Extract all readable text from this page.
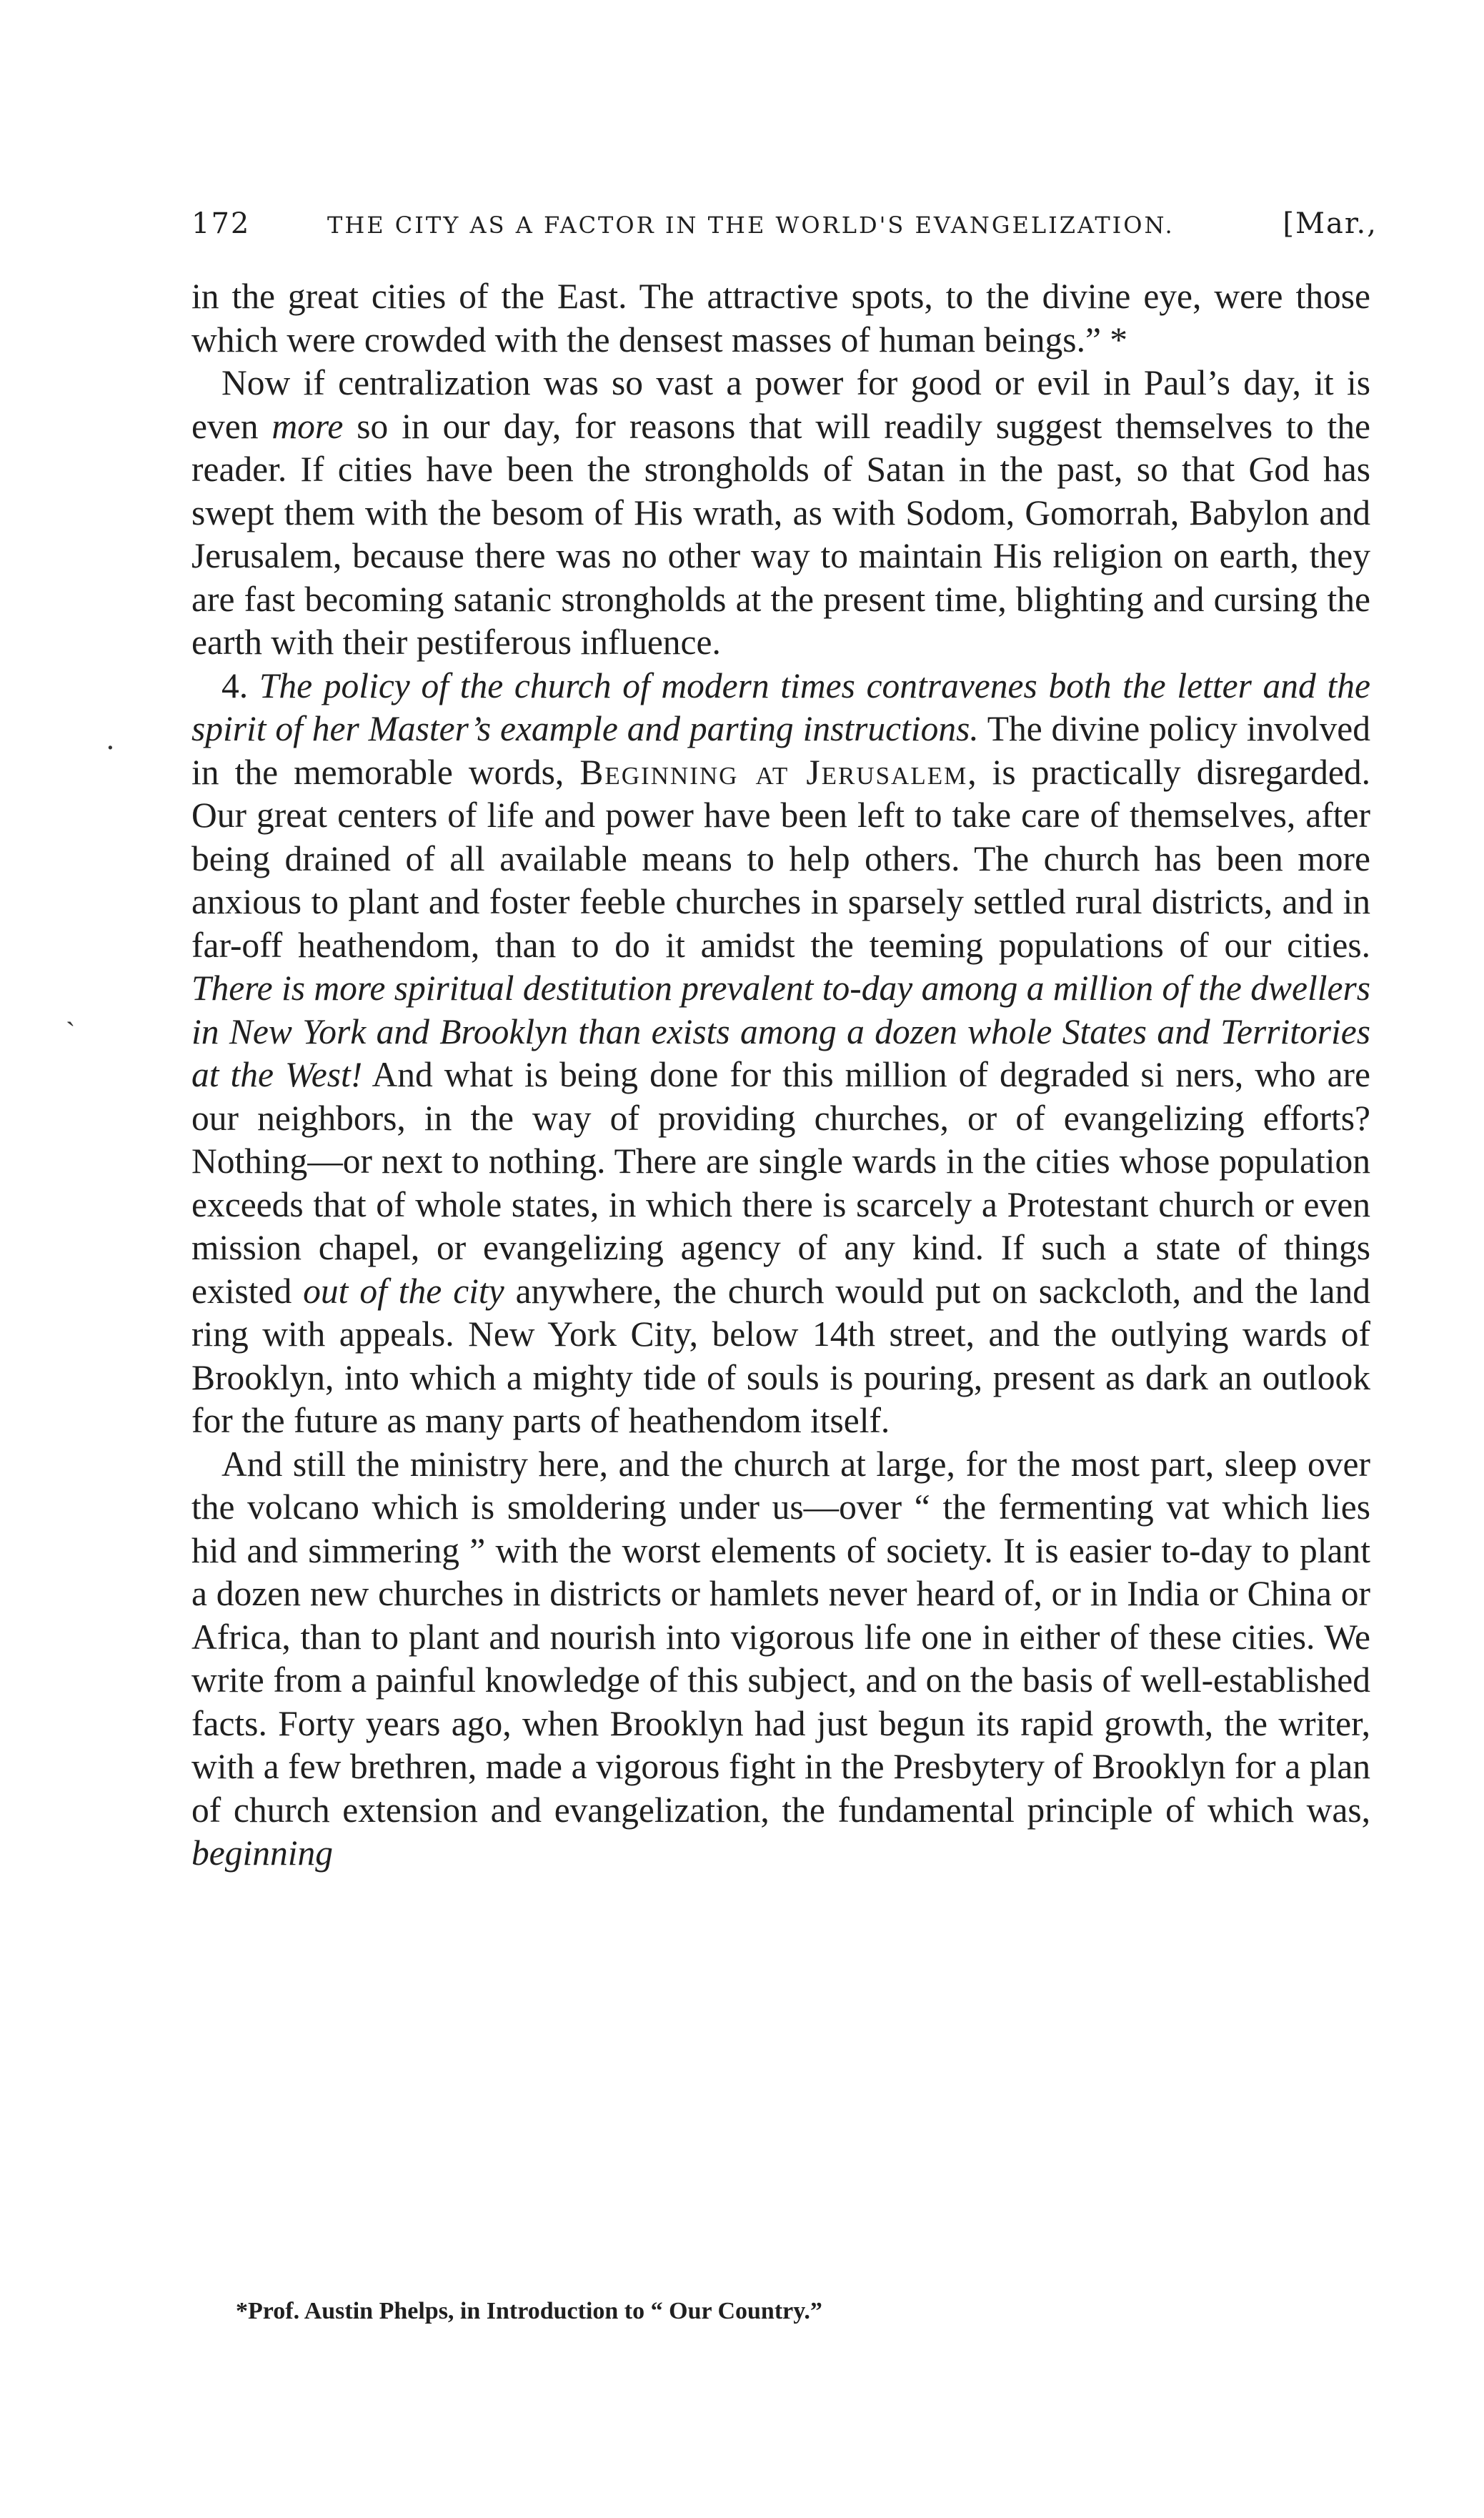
172	THE CITY AS A FACTOR IN THE WORLD'S EVANGELIZATION.	[Mar.,
.
ˏ

in the great cities of the East. The attractive spots, to the divine eye, were those which were crowded with the densest masses of human beings.” *

Now if centralization was so vast a power for good or evil in Paul’s day, it is even more so in our day, for reasons that will readily suggest themselves to the reader. If cities have been the strongholds of Satan in the past, so that God has swept them with the besom of His wrath, as with Sodom, Gomorrah, Babylon and Jerusalem, because there was no other way to maintain His religion on earth, they are fast becoming satanic strongholds at the present time, blighting and cursing the earth with their pestiferous influence.

4. The policy of the church of modern times contravenes both the letter and the spirit of her Master’s example and parting instructions. The divine policy involved in the memorable words, Beginning at Jerusalem, is practically disregarded. Our great centers of life and power have been left to take care of themselves, after being drained of all available means to help others. The church has been more anxious to plant and foster feeble churches in sparsely settled rural districts, and in far-off heathendom, than to do it amidst the teeming populations of our cities. There is more spiritual destitution prevalent to-day among a million of the dwellers in New York and Brooklyn than exists among a dozen whole States and Territories at the West! And what is being done for this million of degraded si ners, who are our neighbors, in the way of providing churches, or of evangelizing efforts? Nothing—or next to nothing. There are single wards in the cities whose population exceeds that of whole states, in which there is scarcely a Protestant church or even mission chapel, or evangelizing agency of any kind. If such a state of things existed out of the city anywhere, the church would put on sackcloth, and the land ring with appeals. New York City, below 14th street, and the outlying wards of Brooklyn, into which a mighty tide of souls is pouring, present as dark an outlook for the future as many parts of heathendom itself.

And still the ministry here, and the church at large, for the most part, sleep over the volcano which is smoldering under us—over “ the fermenting vat which lies hid and simmering ” with the worst elements of society. It is easier to-day to plant a dozen new churches in districts or hamlets never heard of, or in India or China or Africa, than to plant and nourish into vigorous life one in either of these cities. We write from a painful knowledge of this subject, and on the basis of well-established facts. Forty years ago, when Brooklyn had just begun its rapid growth, the writer, with a few brethren, made a vigorous fight in the Presbytery of Brooklyn for a plan of church extension and evangelization, the fundamental principle of which was, beginning

*Prof. Austin Phelps, in Introduction to “ Our Country.”
